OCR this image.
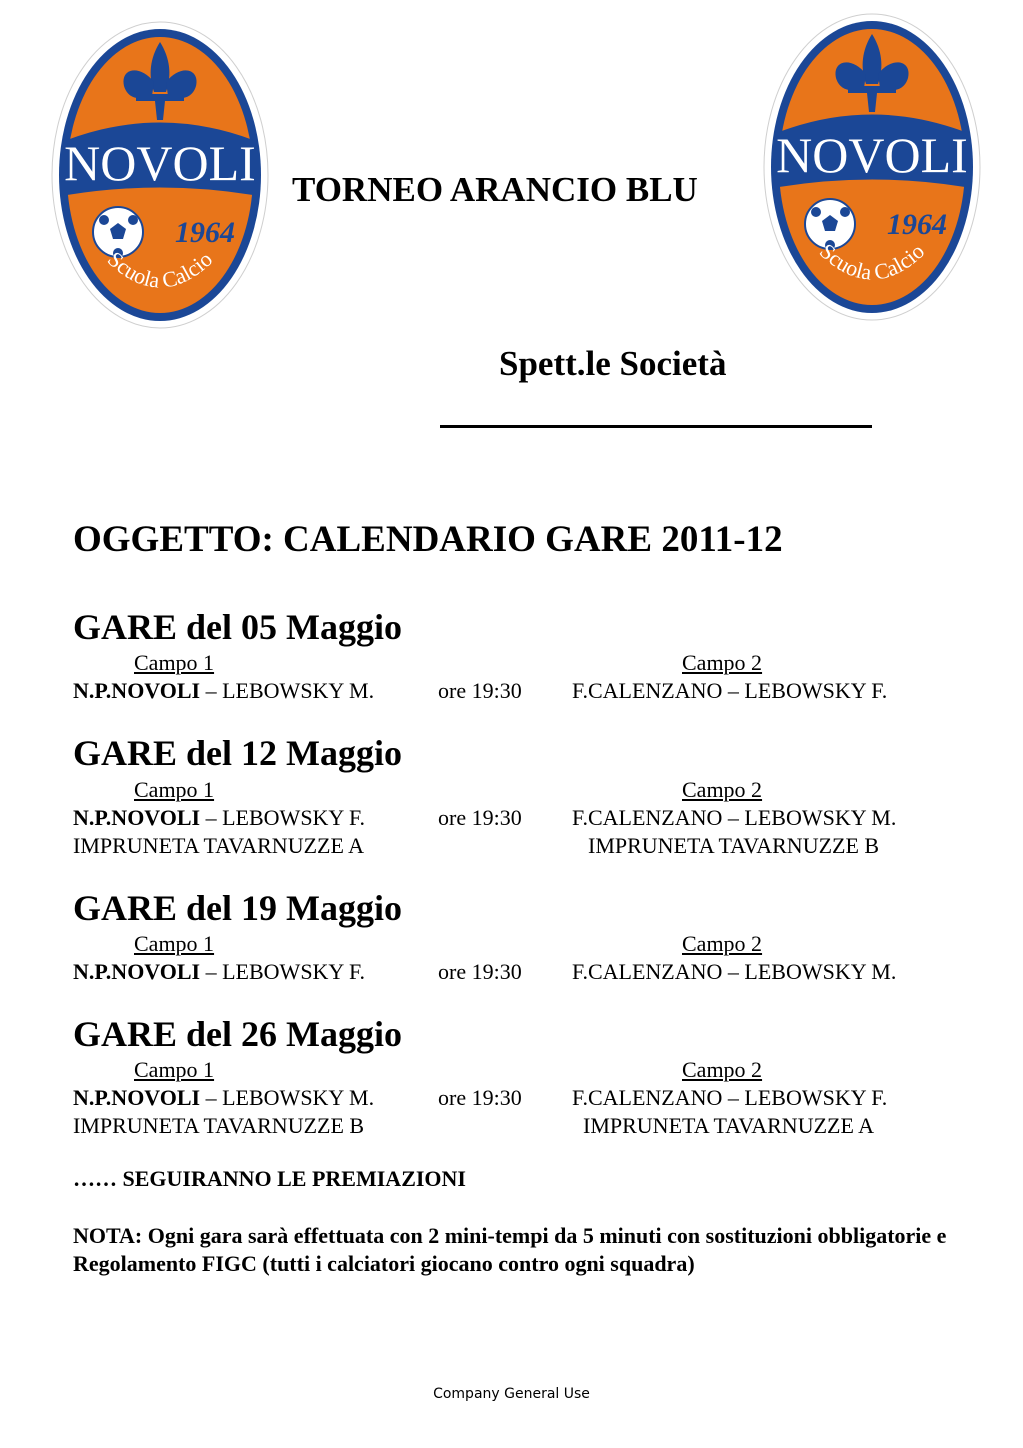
NOVOLI
1964
Scuola Calcio
NOVOLI
1964
Scuola Calcio
TORNEO ARANCIO BLU
Spett.le Società
OGGETTO: CALENDARIO GARE 2011-12
GARE del 05 Maggio
Campo 1	Campo 2
N.P.NOVOLI – LEBOWSKY M.	ore 19:30 F.CALENZANO – LEBOWSKY F.
GARE del 12 Maggio
Campo 1	Campo 2
N.P.NOVOLI – LEBOWSKY F.	ore 19:30 F.CALENZANO – LEBOWSKY M.
IMPRUNETA TAVARNUZZE A	IMPRUNETA TAVARNUZZE B
GARE del 19 Maggio
Campo 1	Campo 2
N.P.NOVOLI – LEBOWSKY F.	ore 19:30 F.CALENZANO – LEBOWSKY M.
GARE del 26 Maggio
Campo 1	Campo 2
N.P.NOVOLI – LEBOWSKY M.	ore 19:30 F.CALENZANO – LEBOWSKY F.
IMPRUNETA TAVARNUZZE B	IMPRUNETA TAVARNUZZE A
…… SEGUIRANNO LE PREMIAZIONI
NOTA: Ogni gara sarà effettuata con 2 mini-tempi da 5 minuti con sostituzioni obbligatorie e Regolamento FIGC (tutti i calciatori giocano contro ogni squadra)
Company General Use
